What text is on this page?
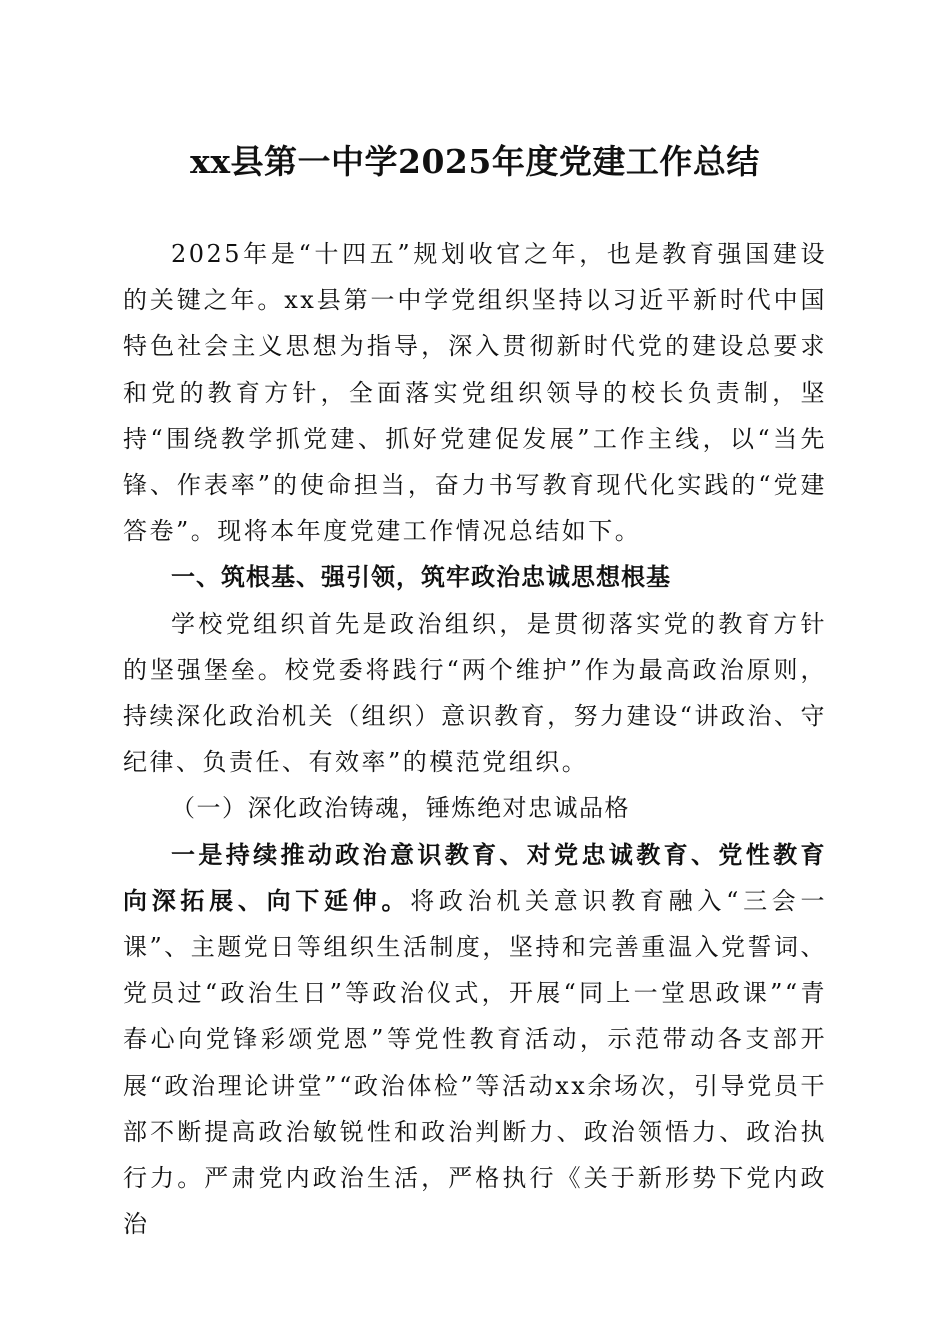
xx县第一中学2025年度党建工作总结

2025年是“十四五”规划收官之年，也是教育强国建设的关键之年。xx县第一中学党组织坚持以习近平新时代中国特色社会主义思想为指导，深入贯彻新时代党的建设总要求和党的教育方针，全面落实党组织领导的校长负责制，坚持“围绕教学抓党建、抓好党建促发展”工作主线，以“当先锋、作表率”的使命担当，奋力书写教育现代化实践的“党建答卷”。现将本年度党建工作情况总结如下。

一、筑根基、强引领，筑牢政治忠诚思想根基

学校党组织首先是政治组织，是贯彻落实党的教育方针的坚强堡垒。校党委将践行“两个维护”作为最高政治原则，持续深化政治机关（组织）意识教育，努力建设“讲政治、守纪律、负责任、有效率”的模范党组织。

（一）深化政治铸魂，锤炼绝对忠诚品格

一是持续推动政治意识教育、对党忠诚教育、党性教育向深拓展、向下延伸。将政治机关意识教育融入“三会一课”、主题党日等组织生活制度，坚持和完善重温入党誓词、党员过“政治生日”等政治仪式，开展“同上一堂思政课”“青春心向党锋彩颂党恩”等党性教育活动，示范带动各支部开展“政治理论讲堂”“政治体检”等活动xx余场次，引导党员干部不断提高政治敏锐性和政治判断力、政治领悟力、政治执行力。严肃党内政治生活，严格执行《关于新形势下党内政治
